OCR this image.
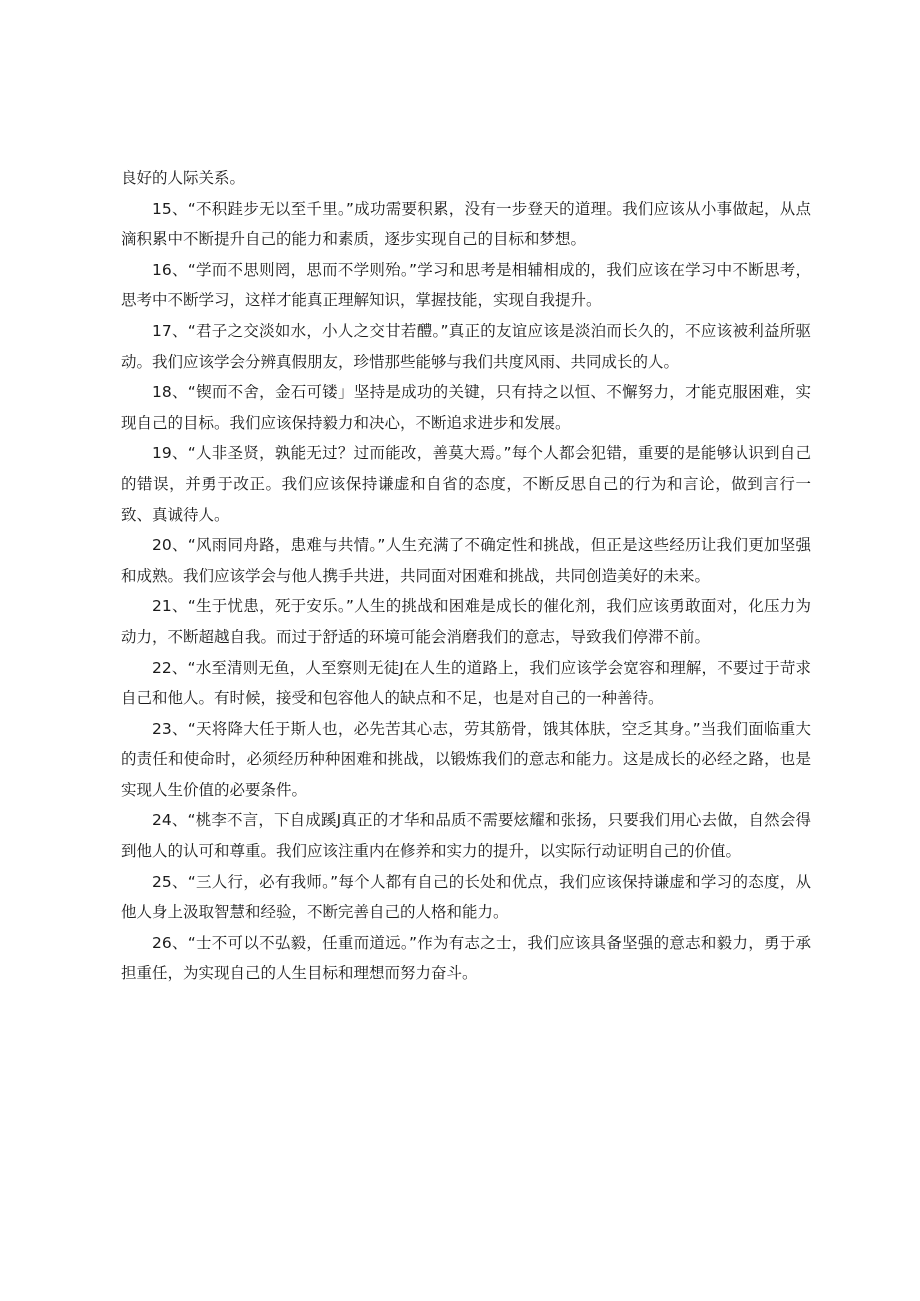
良好的人际关系。

15、“不积跬步无以至千里。”成功需要积累，没有一步登天的道理。我们应该从小事做起，从点滴积累中不断提升自己的能力和素质，逐步实现自己的目标和梦想。

16、“学而不思则罔，思而不学则殆。”学习和思考是相辅相成的，我们应该在学习中不断思考，思考中不断学习，这样才能真正理解知识，掌握技能，实现自我提升。

17、“君子之交淡如水，小人之交甘若醴。”真正的友谊应该是淡泊而长久的，不应该被利益所驱动。我们应该学会分辨真假朋友，珍惜那些能够与我们共度风雨、共同成长的人。

18、“锲而不舍，金石可镂」坚持是成功的关键，只有持之以恒、不懈努力，才能克服困难，实现自己的目标。我们应该保持毅力和决心，不断追求进步和发展。

19、“人非圣贤，孰能无过？过而能改，善莫大焉。”每个人都会犯错，重要的是能够认识到自己的错误，并勇于改正。我们应该保持谦虚和自省的态度，不断反思自己的行为和言论，做到言行一致、真诚待人。

20、“风雨同舟路，患难与共情。”人生充满了不确定性和挑战，但正是这些经历让我们更加坚强和成熟。我们应该学会与他人携手共进，共同面对困难和挑战，共同创造美好的未来。

21、“生于忧患，死于安乐。”人生的挑战和困难是成长的催化剂，我们应该勇敢面对，化压力为动力，不断超越自我。而过于舒适的环境可能会消磨我们的意志，导致我们停滞不前。

22、“水至清则无鱼，人至察则无徒J在人生的道路上，我们应该学会宽容和理解，不要过于苛求自己和他人。有时候，接受和包容他人的缺点和不足，也是对自己的一种善待。

23、“天将降大任于斯人也，必先苦其心志，劳其筋骨，饿其体肤，空乏其身。”当我们面临重大的责任和使命时，必须经历种种困难和挑战，以锻炼我们的意志和能力。这是成长的必经之路，也是实现人生价值的必要条件。

24、“桃李不言，下自成蹊J真正的才华和品质不需要炫耀和张扬，只要我们用心去做，自然会得到他人的认可和尊重。我们应该注重内在修养和实力的提升，以实际行动证明自己的价值。

25、“三人行，必有我师。”每个人都有自己的长处和优点，我们应该保持谦虚和学习的态度，从他人身上汲取智慧和经验，不断完善自己的人格和能力。

26、“士不可以不弘毅，任重而道远。”作为有志之士，我们应该具备坚强的意志和毅力，勇于承担重任，为实现自己的人生目标和理想而努力奋斗。
